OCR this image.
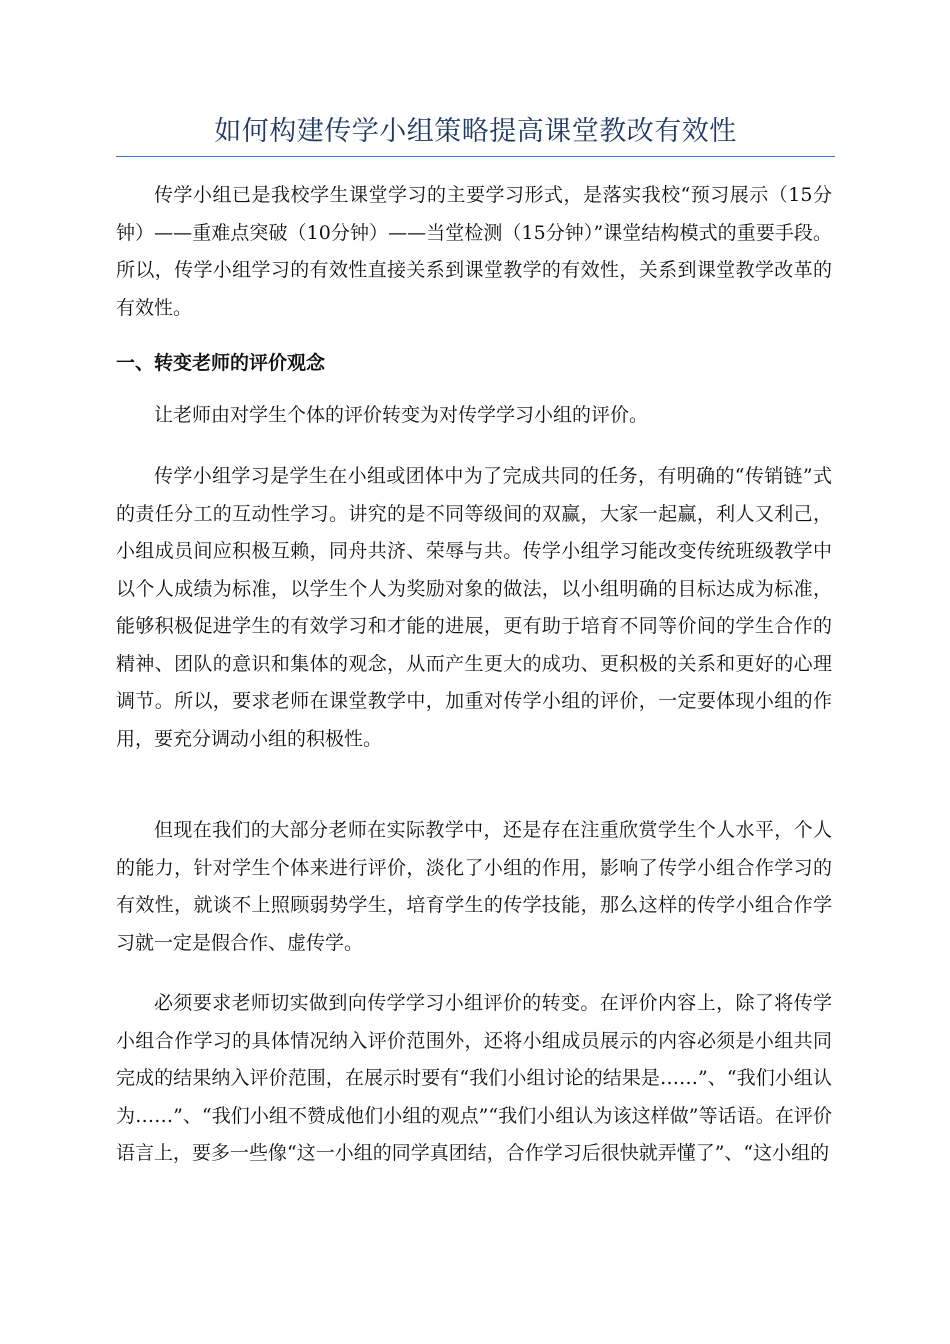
如何构建传学小组策略提高课堂教改有效性

传学小组已是我校学生课堂学习的主要学习形式，是落实我校“预习展示（15分钟）——重难点突破（10分钟）——当堂检测（15分钟）”课堂结构模式的重要手段。所以，传学小组学习的有效性直接关系到课堂教学的有效性，关系到课堂教学改革的有效性。

一、转变老师的评价观念

让老师由对学生个体的评价转变为对传学学习小组的评价。

传学小组学习是学生在小组或团体中为了完成共同的任务，有明确的“传销链”式的责任分工的互动性学习。讲究的是不同等级间的双赢，大家一起赢，利人又利己，小组成员间应积极互赖，同舟共济、荣辱与共。传学小组学习能改变传统班级教学中以个人成绩为标准，以学生个人为奖励对象的做法，以小组明确的目标达成为标准，能够积极促进学生的有效学习和才能的进展，更有助于培育不同等价间的学生合作的精神、团队的意识和集体的观念，从而产生更大的成功、更积极的关系和更好的心理调节。所以，要求老师在课堂教学中，加重对传学小组的评价，一定要体现小组的作用，要充分调动小组的积极性。

但现在我们的大部分老师在实际教学中，还是存在注重欣赏学生个人水平，个人的能力，针对学生个体来进行评价，淡化了小组的作用，影响了传学小组合作学习的有效性，就谈不上照顾弱势学生，培育学生的传学技能，那么这样的传学小组合作学习就一定是假合作、虚传学。

必须要求老师切实做到向传学学习小组评价的转变。在评价内容上，除了将传学小组合作学习的具体情况纳入评价范围外，还将小组成员展示的内容必须是小组共同完成的结果纳入评价范围，在展示时要有“我们小组讨论的结果是……”、“我们小组认为……”、“我们小组不赞成他们小组的观点”“我们小组认为该这样做”等话语。在评价语言上，要多一些像“这一小组的同学真团结，合作学习后很快就弄懂了”、“这小组的
